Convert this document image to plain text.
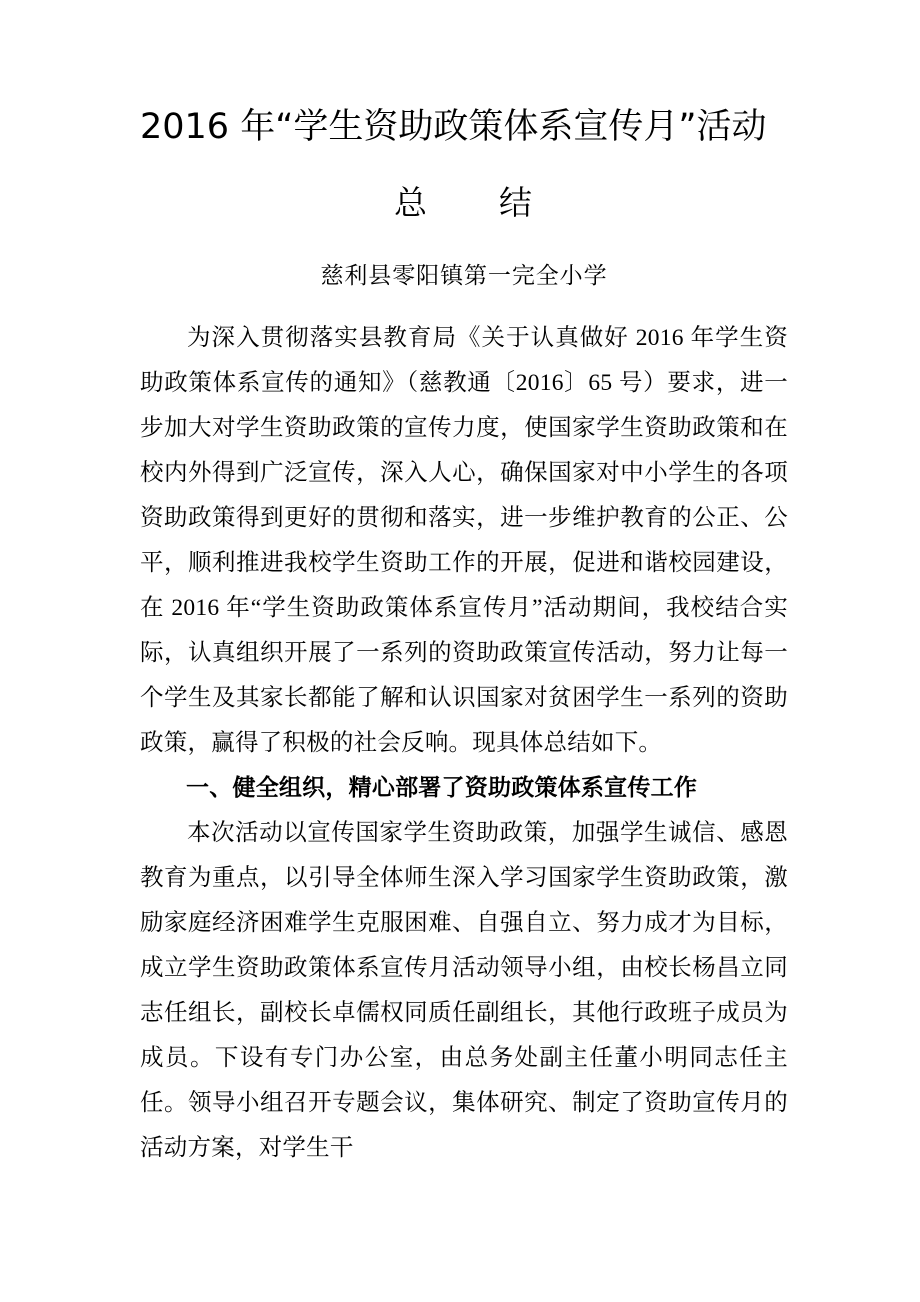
2016 年“学生资助政策体系宣传月”活动
总　　结
慈利县零阳镇第一完全小学

为深入贯彻落实县教育局《关于认真做好 2016 年学生资助政策体系宣传的通知》（慈教通〔2016〕65 号）要求，进一步加大对学生资助政策的宣传力度，使国家学生资助政策和在校内外得到广泛宣传，深入人心，确保国家对中小学生的各项资助政策得到更好的贯彻和落实，进一步维护教育的公正、公平，顺利推进我校学生资助工作的开展，促进和谐校园建设，在 2016 年“学生资助政策体系宣传月”活动期间，我校结合实际，认真组织开展了一系列的资助政策宣传活动，努力让每一个学生及其家长都能了解和认识国家对贫困学生一系列的资助政策，赢得了积极的社会反响。现具体总结如下。

一、健全组织，精心部署了资助政策体系宣传工作

本次活动以宣传国家学生资助政策，加强学生诚信、感恩教育为重点，以引导全体师生深入学习国家学生资助政策，激励家庭经济困难学生克服困难、自强自立、努力成才为目标，成立学生资助政策体系宣传月活动领导小组，由校长杨昌立同志任组长，副校长卓儒权同质任副组长，其他行政班子成员为成员。下设有专门办公室，由总务处副主任董小明同志任主任。领导小组召开专题会议，集体研究、制定了资助宣传月的活动方案，对学生干
